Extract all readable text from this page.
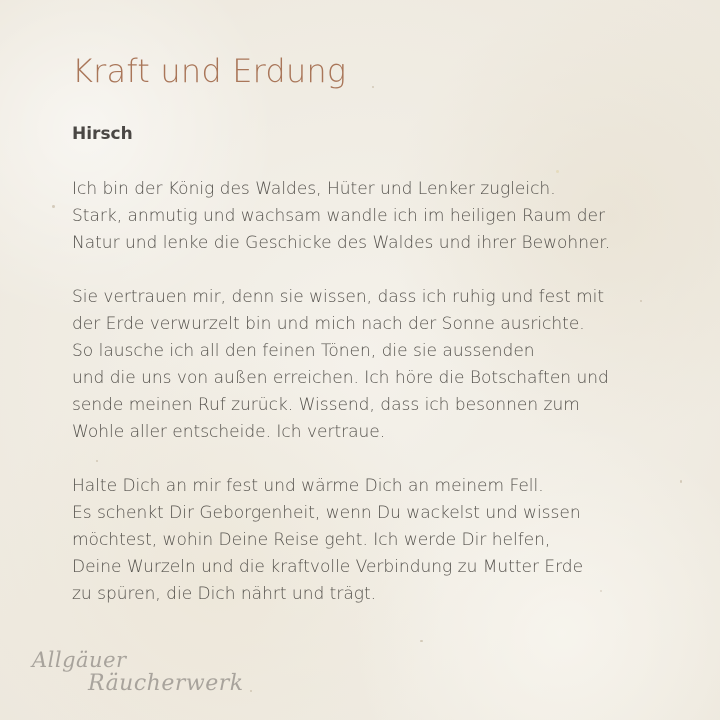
Kraft und Erdung
Hirsch

Ich bin der König des Waldes, Hüter und Lenker zugleich.
Stark, anmutig und wachsam wandle ich im heiligen Raum der
Natur und lenke die Geschicke des Waldes und ihrer Bewohner.

Sie vertrauen mir, denn sie wissen, dass ich ruhig und fest mit
der Erde verwurzelt bin und mich nach der Sonne ausrichte.
So lausche ich all den feinen Tönen, die sie aussenden
und die uns von außen erreichen. Ich höre die Botschaften und
sende meinen Ruf zurück. Wissend, dass ich besonnen zum
Wohle aller entscheide. Ich vertraue.

Halte Dich an mir fest und wärme Dich an meinem Fell.
Es schenkt Dir Geborgenheit, wenn Du wackelst und wissen
möchtest, wohin Deine Reise geht. Ich werde Dir helfen,
Deine Wurzeln und die kraftvolle Verbindung zu Mutter Erde
zu spüren, die Dich nährt und trägt.

Allgäuer
Räucherwerk
